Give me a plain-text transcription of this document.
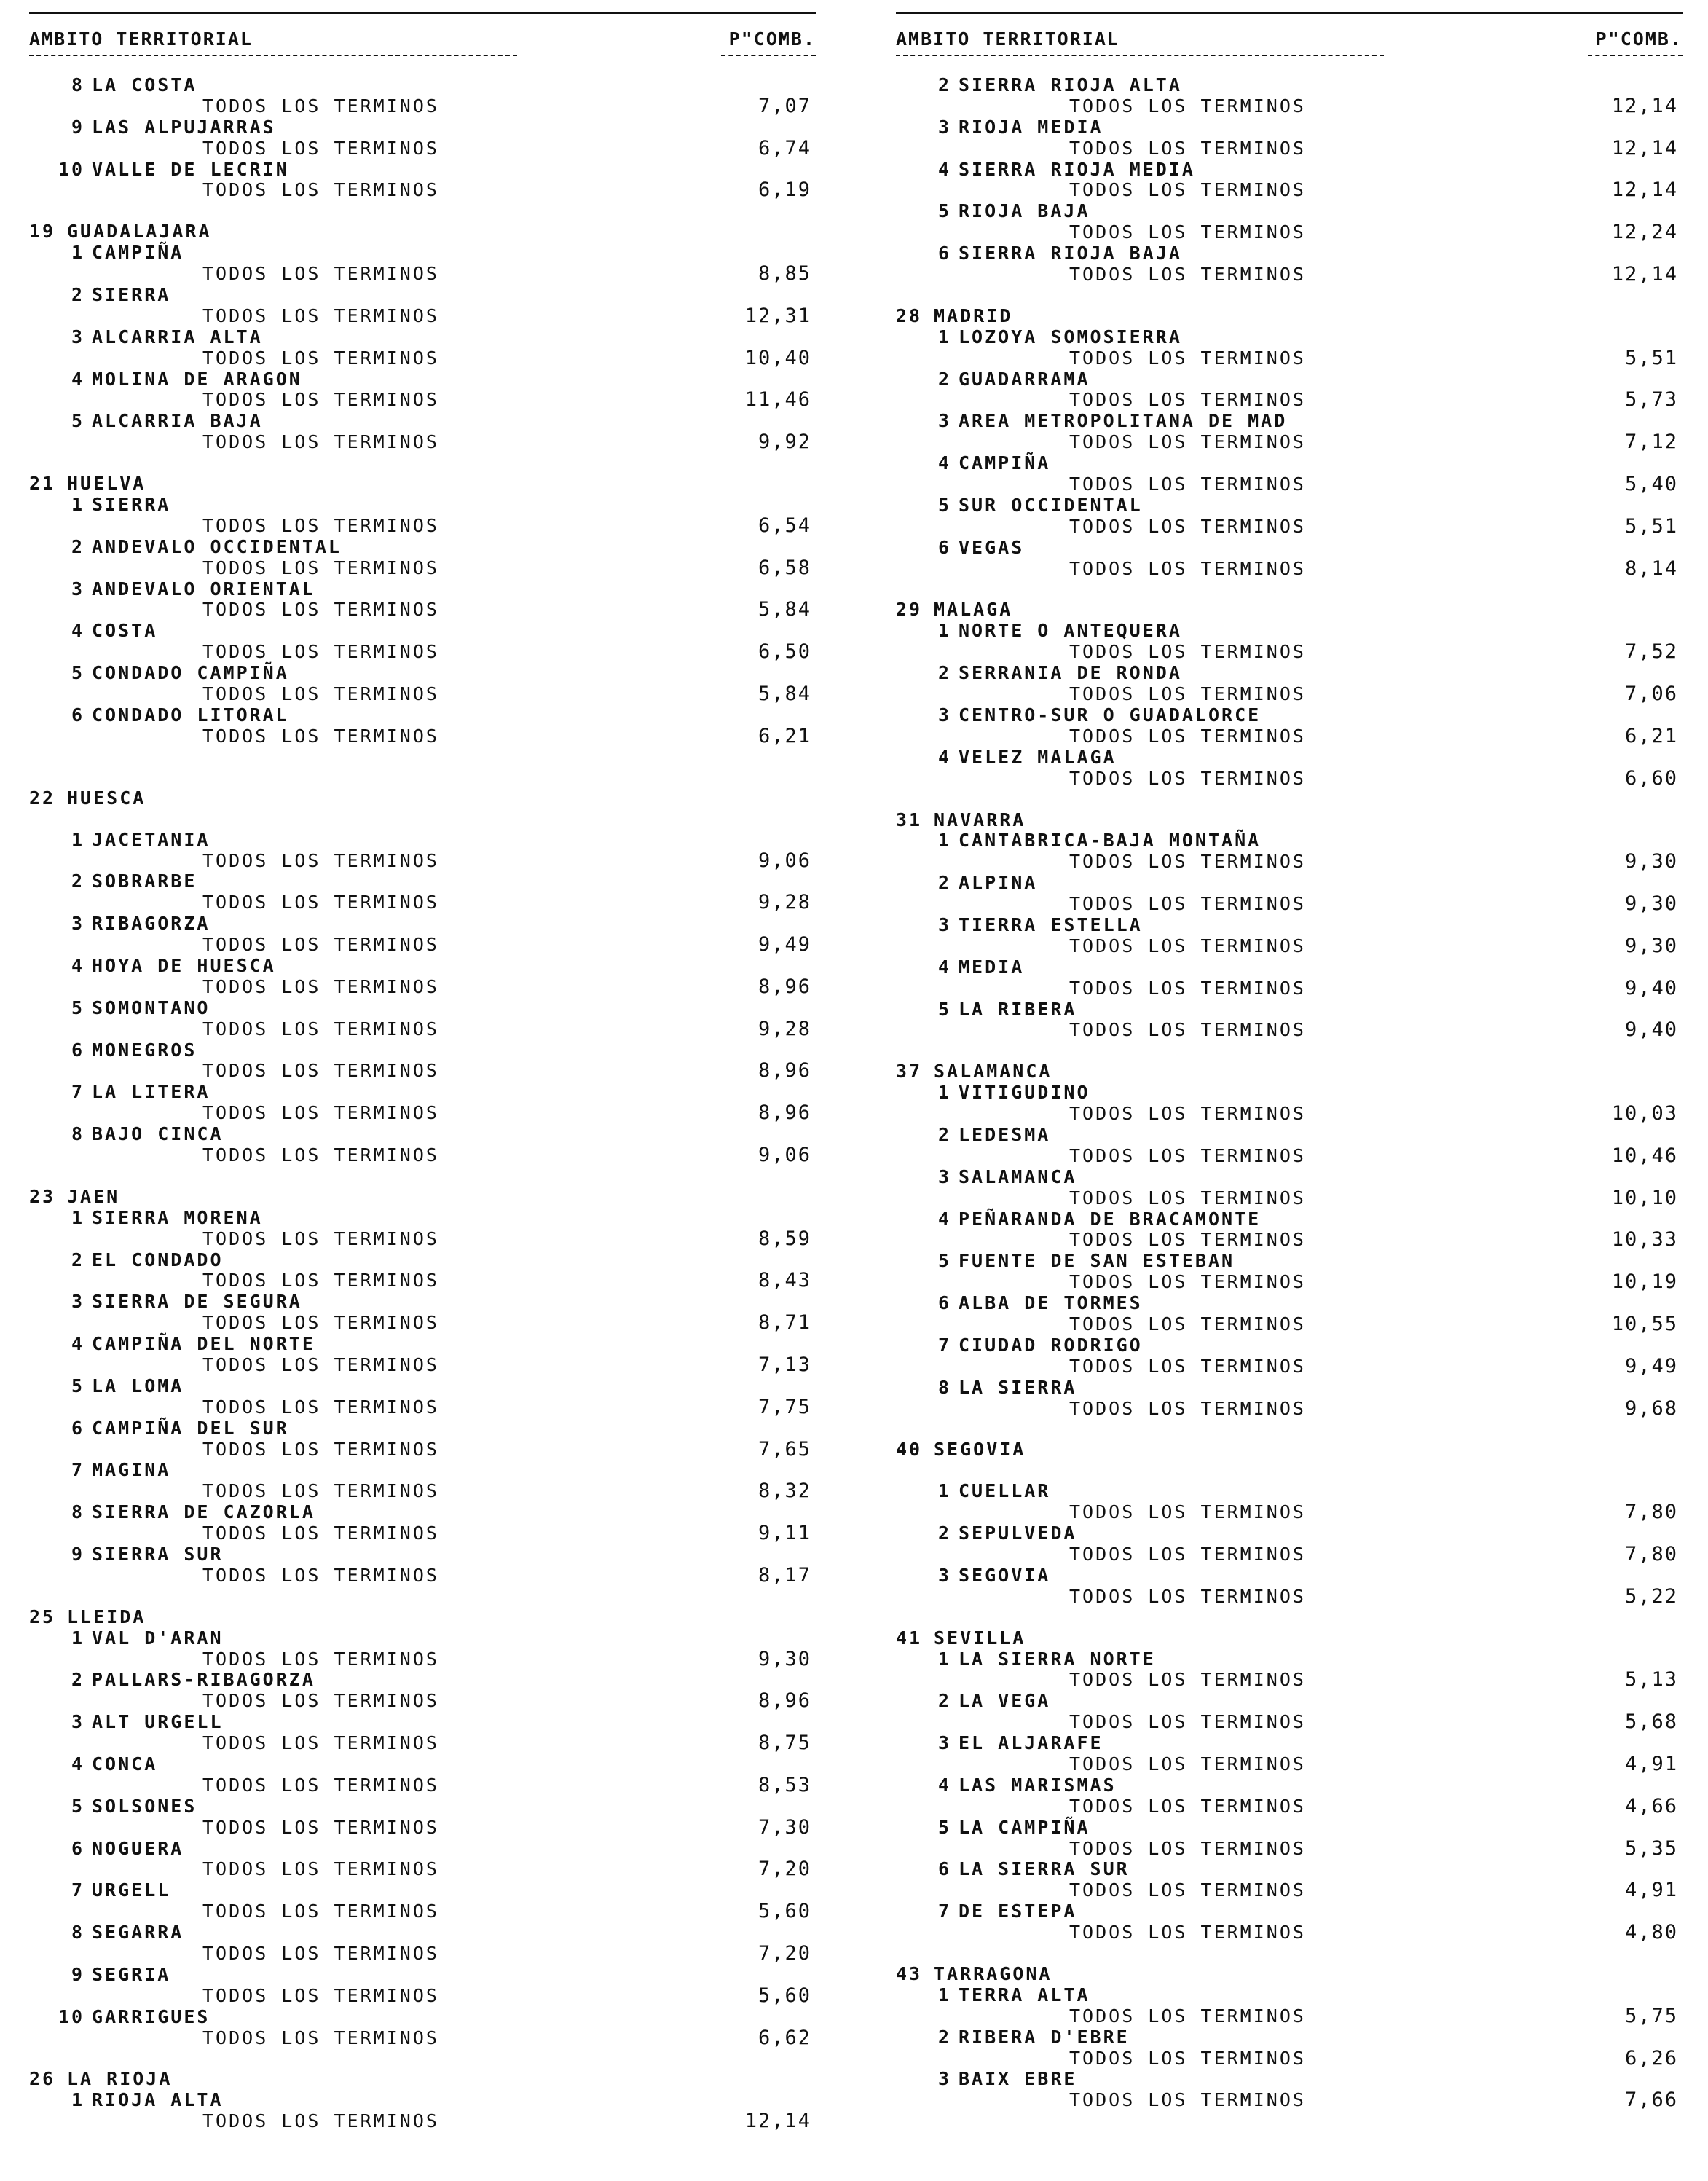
AMBITO TERRITORIAL	P"COMB.
8 LA COSTA
TODOS LOS TERMINOS	7,07
9 LAS ALPUJARRAS
TODOS LOS TERMINOS	6,74
10 VALLE DE LECRIN
TODOS LOS TERMINOS	6,19
19 GUADALAJARA
1 CAMPIÑA
TODOS LOS TERMINOS	8,85
2 SIERRA
TODOS LOS TERMINOS	12,31
3 ALCARRIA ALTA
TODOS LOS TERMINOS	10,40
4 MOLINA DE ARAGON
TODOS LOS TERMINOS	11,46
5 ALCARRIA BAJA
TODOS LOS TERMINOS	9,92
21 HUELVA
1 SIERRA
TODOS LOS TERMINOS	6,54
2 ANDEVALO OCCIDENTAL
TODOS LOS TERMINOS	6,58
3 ANDEVALO ORIENTAL
TODOS LOS TERMINOS	5,84
4 COSTA
TODOS LOS TERMINOS	6,50
5 CONDADO CAMPIÑA
TODOS LOS TERMINOS	5,84
6 CONDADO LITORAL
TODOS LOS TERMINOS	6,21
22 HUESCA
1 JACETANIA
TODOS LOS TERMINOS	9,06
2 SOBRARBE
TODOS LOS TERMINOS	9,28
3 RIBAGORZA
TODOS LOS TERMINOS	9,49
4 HOYA DE HUESCA
TODOS LOS TERMINOS	8,96
5 SOMONTANO
TODOS LOS TERMINOS	9,28
6 MONEGROS
TODOS LOS TERMINOS	8,96
7 LA LITERA
TODOS LOS TERMINOS	8,96
8 BAJO CINCA
TODOS LOS TERMINOS	9,06
23 JAEN
1 SIERRA MORENA
TODOS LOS TERMINOS	8,59
2 EL CONDADO
TODOS LOS TERMINOS	8,43
3 SIERRA DE SEGURA
TODOS LOS TERMINOS	8,71
4 CAMPIÑA DEL NORTE
TODOS LOS TERMINOS	7,13
5 LA LOMA
TODOS LOS TERMINOS	7,75
6 CAMPIÑA DEL SUR
TODOS LOS TERMINOS	7,65
7 MAGINA
TODOS LOS TERMINOS	8,32
8 SIERRA DE CAZORLA
TODOS LOS TERMINOS	9,11
9 SIERRA SUR
TODOS LOS TERMINOS	8,17
25 LLEIDA
1 VAL D'ARAN
TODOS LOS TERMINOS	9,30
2 PALLARS-RIBAGORZA
TODOS LOS TERMINOS	8,96
3 ALT URGELL
TODOS LOS TERMINOS	8,75
4 CONCA
TODOS LOS TERMINOS	8,53
5 SOLSONES
TODOS LOS TERMINOS	7,30
6 NOGUERA
TODOS LOS TERMINOS	7,20
7 URGELL
TODOS LOS TERMINOS	5,60
8 SEGARRA
TODOS LOS TERMINOS	7,20
9 SEGRIA
TODOS LOS TERMINOS	5,60
10 GARRIGUES
TODOS LOS TERMINOS	6,62
26 LA RIOJA
1 RIOJA ALTA
TODOS LOS TERMINOS	12,14
AMBITO TERRITORIAL	P"COMB.
2 SIERRA RIOJA ALTA
TODOS LOS TERMINOS	12,14
3 RIOJA MEDIA
TODOS LOS TERMINOS	12,14
4 SIERRA RIOJA MEDIA
TODOS LOS TERMINOS	12,14
5 RIOJA BAJA
TODOS LOS TERMINOS	12,24
6 SIERRA RIOJA BAJA
TODOS LOS TERMINOS	12,14
28 MADRID
1 LOZOYA SOMOSIERRA
TODOS LOS TERMINOS	5,51
2 GUADARRAMA
TODOS LOS TERMINOS	5,73
3 AREA METROPOLITANA DE MAD
TODOS LOS TERMINOS	7,12
4 CAMPIÑA
TODOS LOS TERMINOS	5,40
5 SUR OCCIDENTAL
TODOS LOS TERMINOS	5,51
6 VEGAS
TODOS LOS TERMINOS	8,14
29 MALAGA
1 NORTE O ANTEQUERA
TODOS LOS TERMINOS	7,52
2 SERRANIA DE RONDA
TODOS LOS TERMINOS	7,06
3 CENTRO-SUR O GUADALORCE
TODOS LOS TERMINOS	6,21
4 VELEZ MALAGA
TODOS LOS TERMINOS	6,60
31 NAVARRA
1 CANTABRICA-BAJA MONTAÑA
TODOS LOS TERMINOS	9,30
2 ALPINA
TODOS LOS TERMINOS	9,30
3 TIERRA ESTELLA
TODOS LOS TERMINOS	9,30
4 MEDIA
TODOS LOS TERMINOS	9,40
5 LA RIBERA
TODOS LOS TERMINOS	9,40
37 SALAMANCA
1 VITIGUDINO
TODOS LOS TERMINOS	10,03
2 LEDESMA
TODOS LOS TERMINOS	10,46
3 SALAMANCA
TODOS LOS TERMINOS	10,10
4 PEÑARANDA DE BRACAMONTE
TODOS LOS TERMINOS	10,33
5 FUENTE DE SAN ESTEBAN
TODOS LOS TERMINOS	10,19
6 ALBA DE TORMES
TODOS LOS TERMINOS	10,55
7 CIUDAD RODRIGO
TODOS LOS TERMINOS	9,49
8 LA SIERRA
TODOS LOS TERMINOS	9,68
40 SEGOVIA
1 CUELLAR
TODOS LOS TERMINOS	7,80
2 SEPULVEDA
TODOS LOS TERMINOS	7,80
3 SEGOVIA
TODOS LOS TERMINOS	5,22
41 SEVILLA
1 LA SIERRA NORTE
TODOS LOS TERMINOS	5,13
2 LA VEGA
TODOS LOS TERMINOS	5,68
3 EL ALJARAFE
TODOS LOS TERMINOS	4,91
4 LAS MARISMAS
TODOS LOS TERMINOS	4,66
5 LA CAMPIÑA
TODOS LOS TERMINOS	5,35
6 LA SIERRA SUR
TODOS LOS TERMINOS	4,91
7 DE ESTEPA
TODOS LOS TERMINOS	4,80
43 TARRAGONA
1 TERRA ALTA
TODOS LOS TERMINOS	5,75
2 RIBERA D'EBRE
TODOS LOS TERMINOS	6,26
3 BAIX EBRE
TODOS LOS TERMINOS	7,66
